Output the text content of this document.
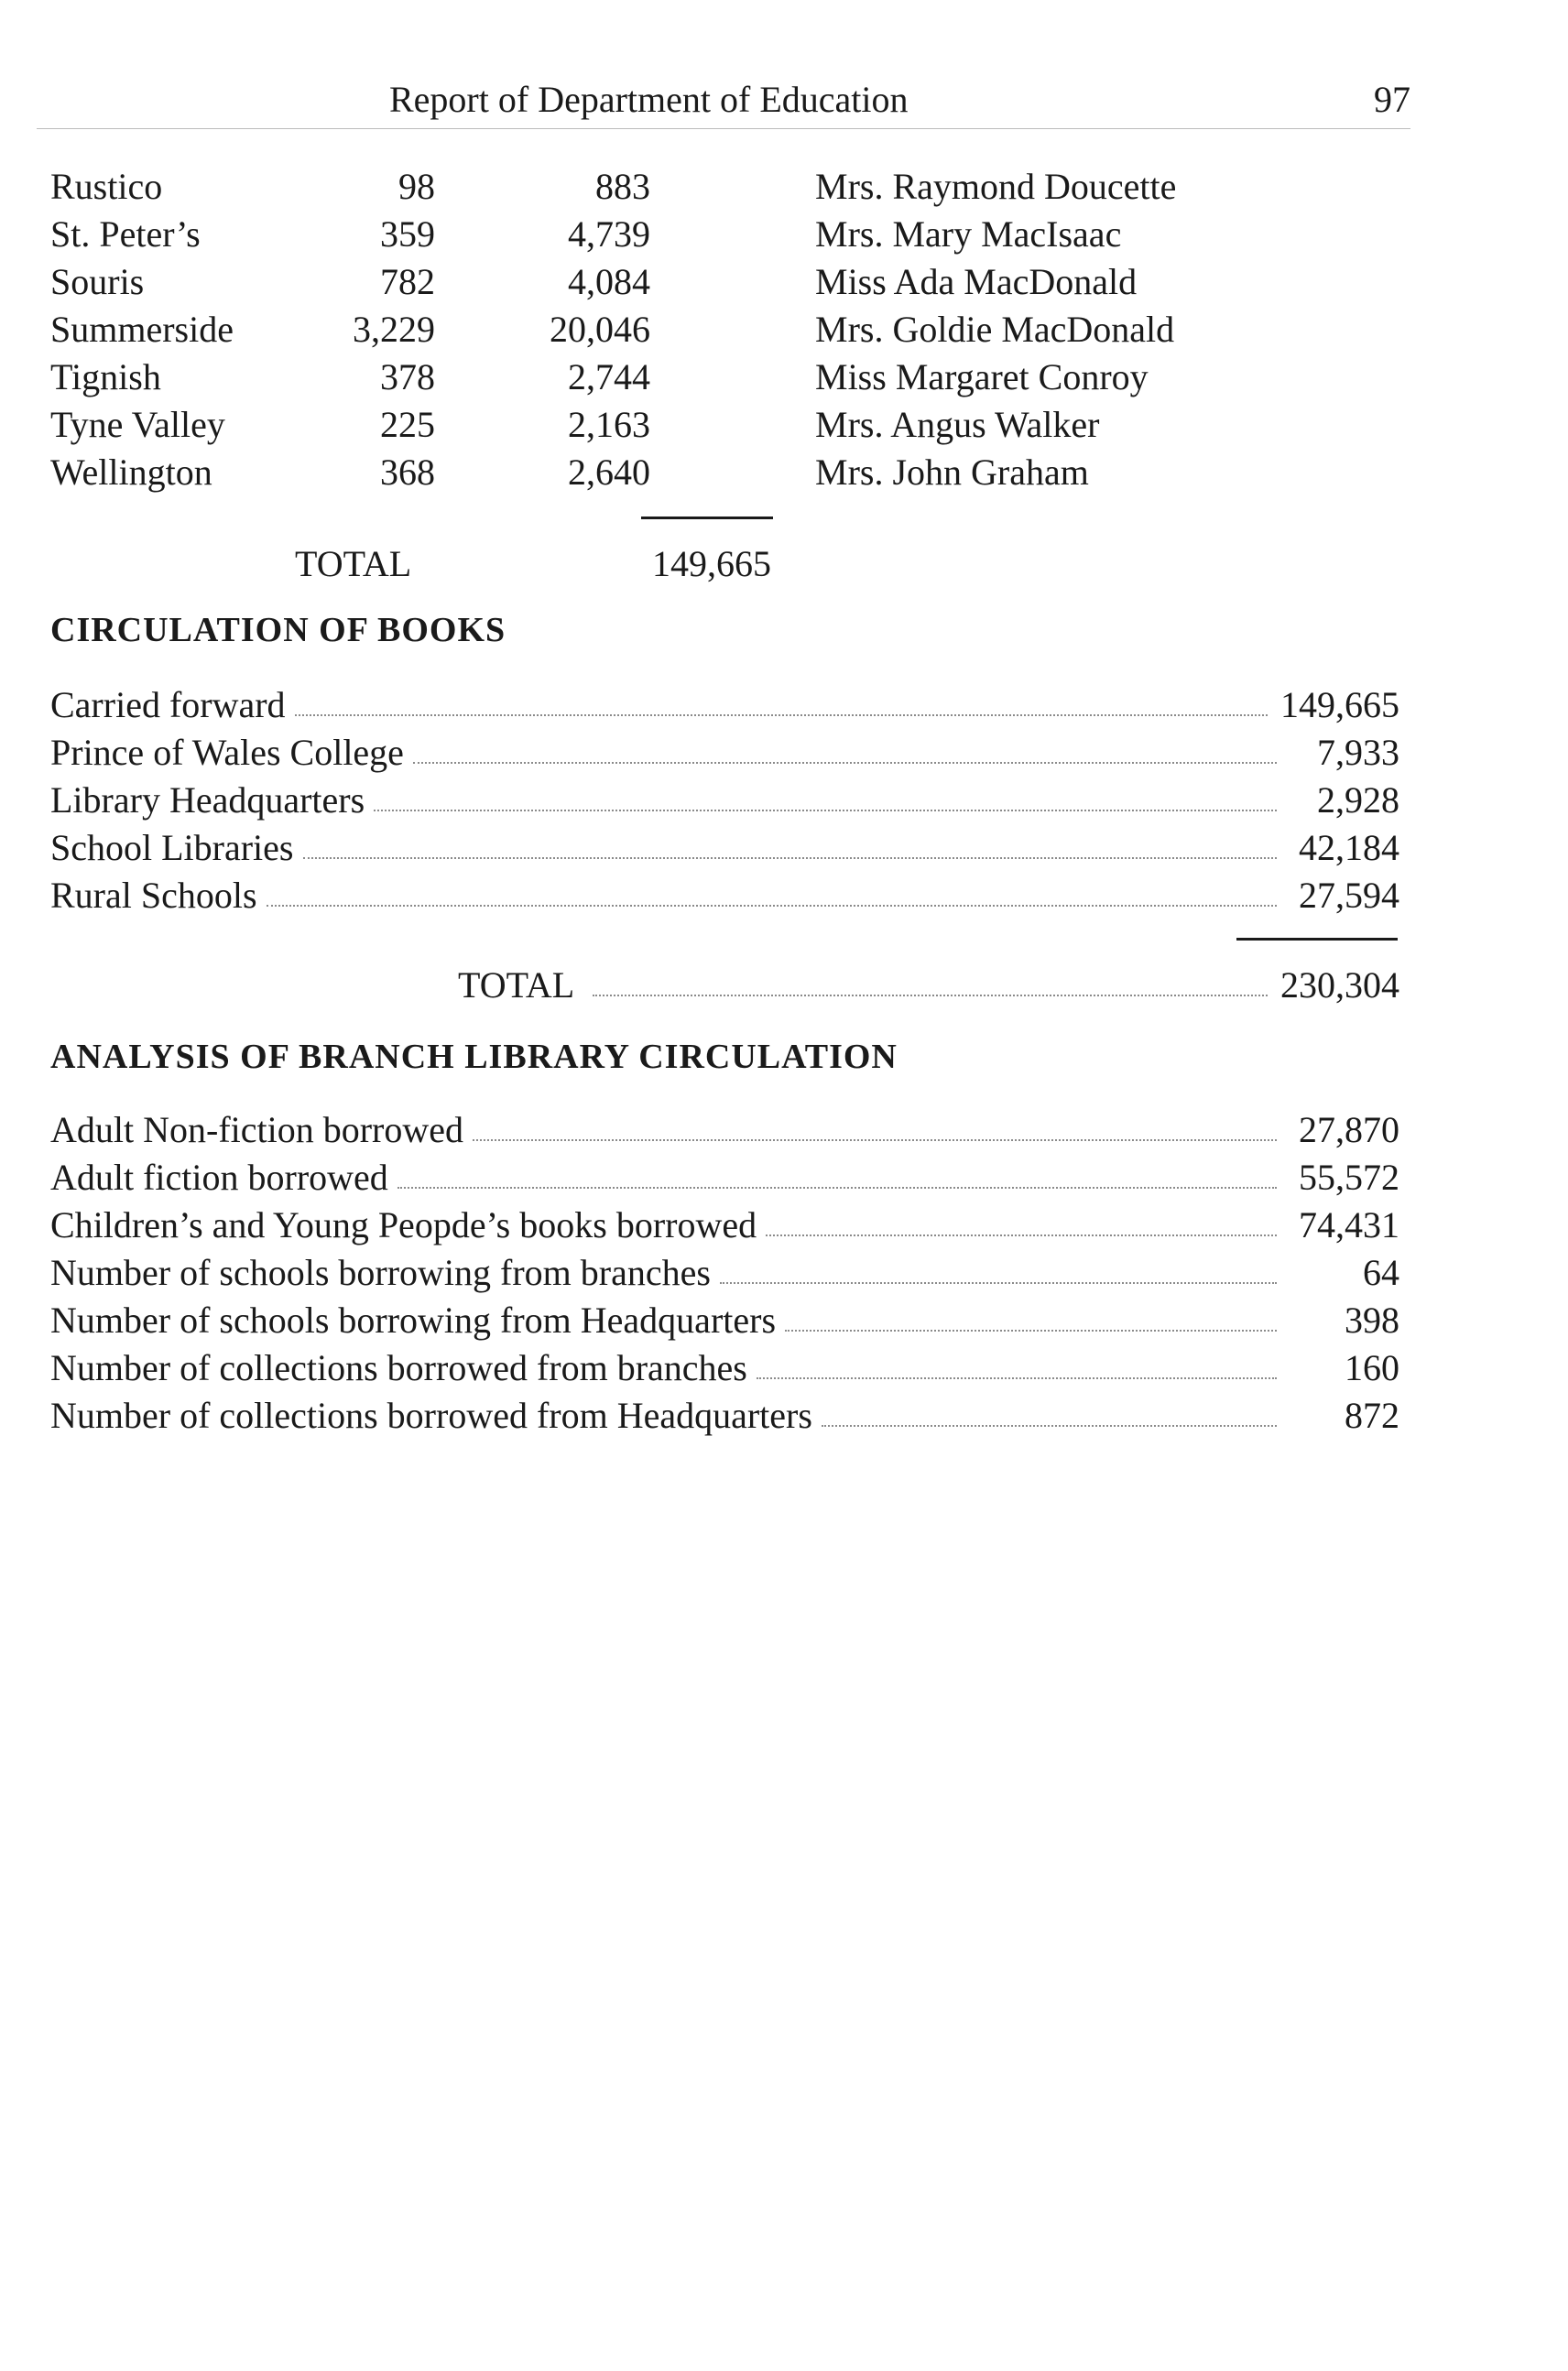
Report of Department of Education	97
Rustico	98	883	Mrs. Raymond Doucette
St. Peter’s	359	4,739	Mrs. Mary MacIsaac
Souris	782	4,084	Miss Ada MacDonald
Summerside	3,229	20,046	Mrs. Goldie MacDonald
Tignish	378	2,744	Miss Margaret Conroy
Tyne Valley	225	2,163	Mrs. Angus Walker
Wellington	368	2,640	Mrs. John Graham
TOTAL	149,665
CIRCULATION OF BOOKS
Carried forward	149,665
Prince of Wales College	7,933
Library Headquarters	2,928
School Libraries	42,184
Rural Schools	27,594
TOTAL	230,304
ANALYSIS OF BRANCH LIBRARY CIRCULATION
Adult Non-fiction borrowed	27,870
Adult fiction borrowed	55,572
Children’s and Young Peopde’s books borrowed	74,431
Number of schools borrowing from branches	64
Number of schools borrowing from Headquarters	398
Number of collections borrowed from branches	160
Number of collections borrowed from Headquarters	872
